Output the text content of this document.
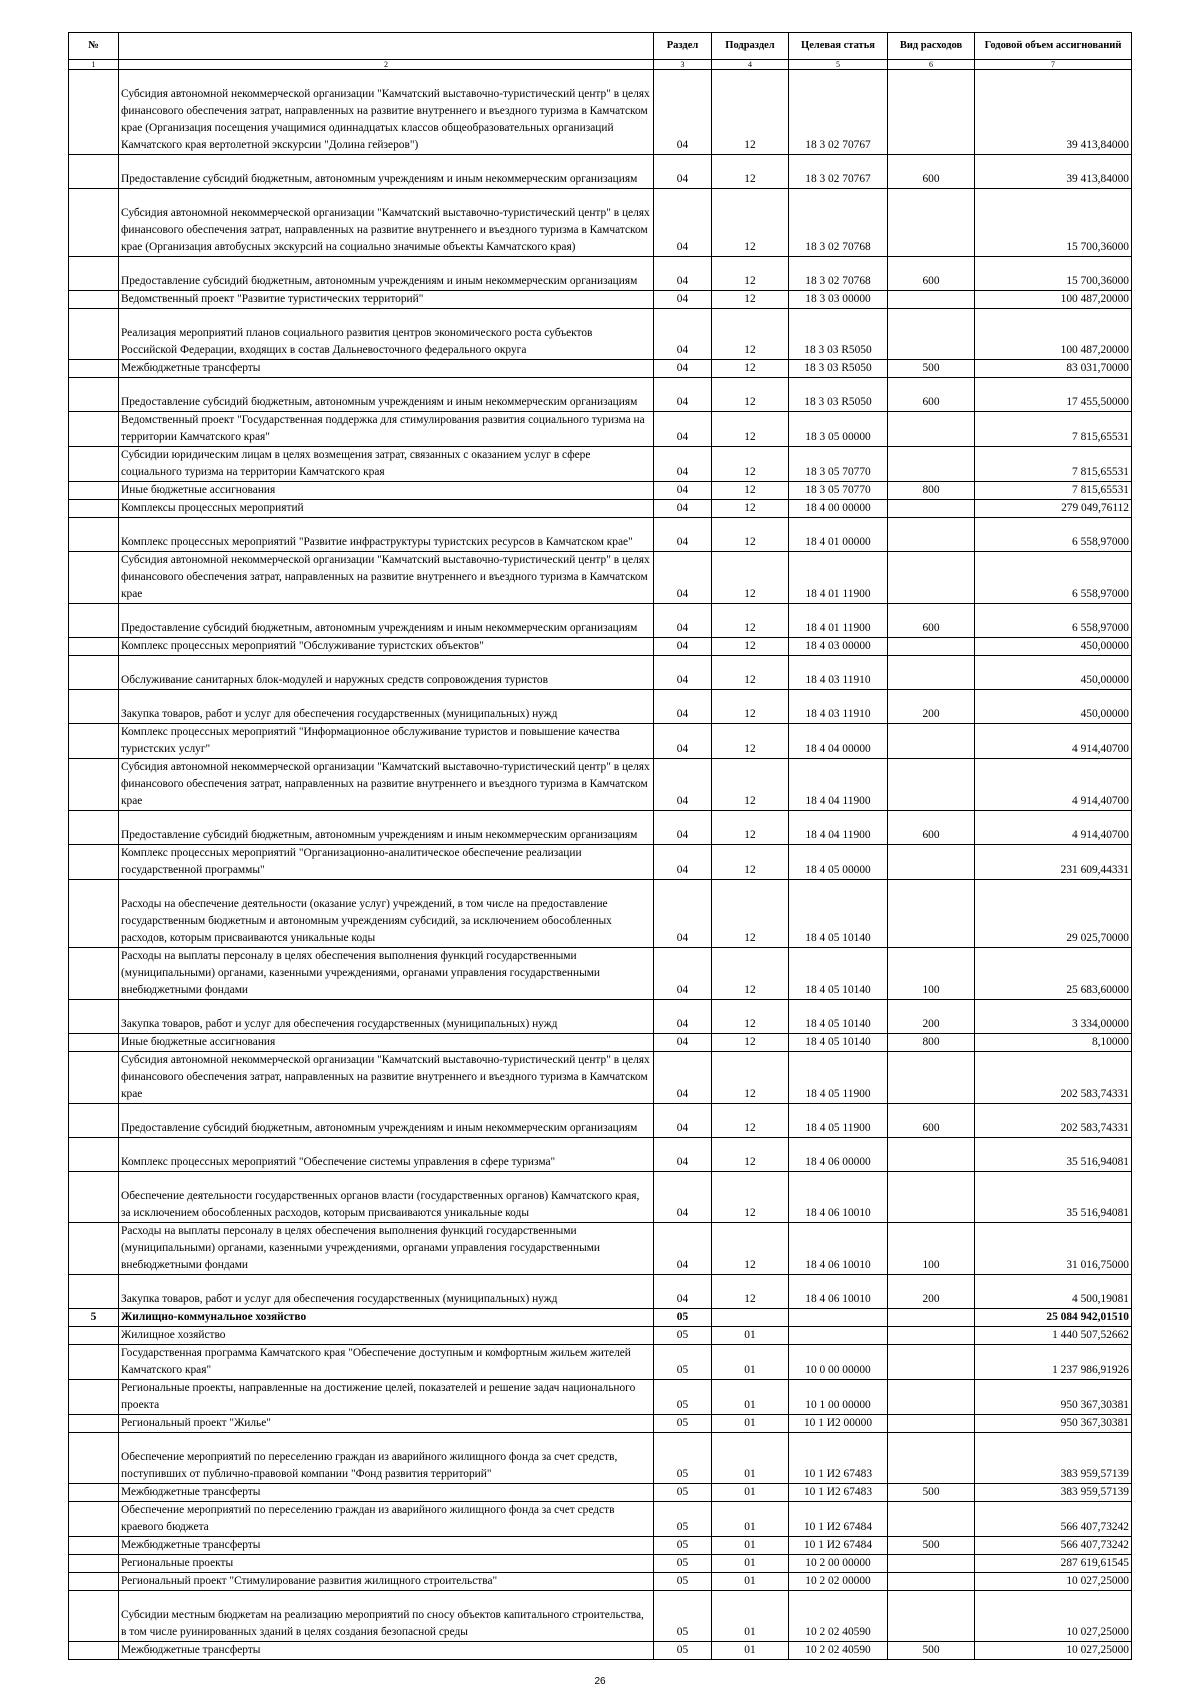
№		Раздел	Подраздел	Целевая статья	Вид расходов	Годовой объем ассигнований
1	2	3	4	5	6	7
	Субсидия автономной некоммерческой организации "Камчатский выставочно-туристический центр" в целях финансового обеспечения затрат, направленных на развитие внутреннего и въездного туризма в Камчатском крае (Организация посещения учащимися одиннадцатых классов общеобразовательных организаций Камчатского края вертолетной экскурсии "Долина гейзеров")	04	12	18 3 02 70767		39 413,84000
	Предоставление субсидий бюджетным, автономным учреждениям и иным некоммерческим организациям	04	12	18 3 02 70767	600	39 413,84000
	Субсидия автономной некоммерческой организации "Камчатский выставочно-туристический центр" в целях финансового обеспечения затрат, направленных на развитие внутреннего и въездного туризма в Камчатском крае (Организация автобусных экскурсий на социально значимые объекты Камчатского края)	04	12	18 3 02 70768		15 700,36000
	Предоставление субсидий бюджетным, автономным учреждениям и иным некоммерческим организациям	04	12	18 3 02 70768	600	15 700,36000
	Ведомственный проект "Развитие туристических территорий"	04	12	18 3 03 00000		100 487,20000
	Реализация мероприятий планов социального развития центров экономического роста субъектов Российской Федерации, входящих в состав Дальневосточного федерального округа	04	12	18 3 03 R5050		100 487,20000
	Межбюджетные трансферты	04	12	18 3 03 R5050	500	83 031,70000
	Предоставление субсидий бюджетным, автономным учреждениям и иным некоммерческим организациям	04	12	18 3 03 R5050	600	17 455,50000
	Ведомственный проект "Государственная поддержка для стимулирования развития социального туризма на территории Камчатского края"	04	12	18 3 05 00000		7 815,65531
	Субсидии юридическим лицам в целях возмещения затрат, связанных с оказанием услуг в сфере социального туризма на территории Камчатского края	04	12	18 3 05 70770		7 815,65531
	Иные бюджетные ассигнования	04	12	18 3 05 70770	800	7 815,65531
	Комплексы процессных мероприятий	04	12	18 4 00 00000		279 049,76112
	Комплекс процессных мероприятий "Развитие инфраструктуры туристских ресурсов в Камчатском крае"	04	12	18 4 01 00000		6 558,97000
	Субсидия автономной некоммерческой организации "Камчатский выставочно-туристический центр" в целях финансового обеспечения затрат, направленных на развитие внутреннего и въездного туризма в Камчатском крае	04	12	18 4 01 11900		6 558,97000
	Предоставление субсидий бюджетным, автономным учреждениям и иным некоммерческим организациям	04	12	18 4 01 11900	600	6 558,97000
	Комплекс процессных мероприятий "Обслуживание туристских объектов"	04	12	18 4 03 00000		450,00000
	Обслуживание санитарных блок-модулей и наружных средств сопровождения туристов	04	12	18 4 03 11910		450,00000
	Закупка товаров, работ и услуг для обеспечения государственных (муниципальных) нужд	04	12	18 4 03 11910	200	450,00000
	Комплекс процессных мероприятий "Информационное обслуживание туристов и повышение качества туристских услуг"	04	12	18 4 04 00000		4 914,40700
	Субсидия автономной некоммерческой организации "Камчатский выставочно-туристический центр" в целях финансового обеспечения затрат, направленных на развитие внутреннего и въездного туризма в Камчатском крае	04	12	18 4 04 11900		4 914,40700
	Предоставление субсидий бюджетным, автономным учреждениям и иным некоммерческим организациям	04	12	18 4 04 11900	600	4 914,40700
	Комплекс процессных мероприятий "Организационно-аналитическое обеспечение реализации государственной программы"	04	12	18 4 05 00000		231 609,44331
	Расходы на обеспечение деятельности (оказание услуг) учреждений, в том числе на предоставление государственным бюджетным и автономным учреждениям субсидий, за исключением обособленных расходов, которым присваиваются уникальные коды	04	12	18 4 05 10140		29 025,70000
	Расходы на выплаты персоналу в целях обеспечения выполнения функций государственными (муниципальными) органами, казенными учреждениями, органами управления государственными внебюджетными фондами	04	12	18 4 05 10140	100	25 683,60000
	Закупка товаров, работ и услуг для обеспечения государственных (муниципальных) нужд	04	12	18 4 05 10140	200	3 334,00000
	Иные бюджетные ассигнования	04	12	18 4 05 10140	800	8,10000
	Субсидия автономной некоммерческой организации "Камчатский выставочно-туристический центр" в целях финансового обеспечения затрат, направленных на развитие внутреннего и въездного туризма в Камчатском крае	04	12	18 4 05 11900		202 583,74331
	Предоставление субсидий бюджетным, автономным учреждениям и иным некоммерческим организациям	04	12	18 4 05 11900	600	202 583,74331
	Комплекс процессных мероприятий "Обеспечение системы управления в сфере туризма"	04	12	18 4 06 00000		35 516,94081
	Обеспечение деятельности государственных органов власти (государственных органов) Камчатского края, за исключением обособленных расходов, которым присваиваются уникальные коды	04	12	18 4 06 10010		35 516,94081
	Расходы на выплаты персоналу в целях обеспечения выполнения функций государственными (муниципальными) органами, казенными учреждениями, органами управления государственными внебюджетными фондами	04	12	18 4 06 10010	100	31 016,75000
	Закупка товаров, работ и услуг для обеспечения государственных (муниципальных) нужд	04	12	18 4 06 10010	200	4 500,19081
5	Жилищно-коммунальное хозяйство	05				25 084 942,01510
	Жилищное хозяйство	05	01			1 440 507,52662
	Государственная программа Камчатского края "Обеспечение доступным и комфортным жильем жителей Камчатского края"	05	01	10 0 00 00000		1 237 986,91926
	Региональные проекты, направленные на достижение целей, показателей и решение задач национального проекта	05	01	10 1 00 00000		950 367,30381
	Региональный проект "Жилье"	05	01	10 1 И2 00000		950 367,30381
	Обеспечение мероприятий по переселению граждан из аварийного жилищного фонда за счет средств, поступивших от публично-правовой компании "Фонд развития территорий"	05	01	10 1 И2 67483		383 959,57139
	Межбюджетные трансферты	05	01	10 1 И2 67483	500	383 959,57139
	Обеспечение мероприятий по переселению граждан из аварийного жилищного фонда за счет средств краевого бюджета	05	01	10 1 И2 67484		566 407,73242
	Межбюджетные трансферты	05	01	10 1 И2 67484	500	566 407,73242
	Региональные проекты	05	01	10 2 00 00000		287 619,61545
	Региональный проект "Стимулирование развития жилищного строительства"	05	01	10 2 02 00000		10 027,25000
	Субсидии местным бюджетам на реализацию мероприятий по сносу объектов капитального строительства, в том числе руинированных зданий в целях создания безопасной среды	05	01	10 2 02 40590		10 027,25000
	Межбюджетные трансферты	05	01	10 2 02 40590	500	10 027,25000
26
